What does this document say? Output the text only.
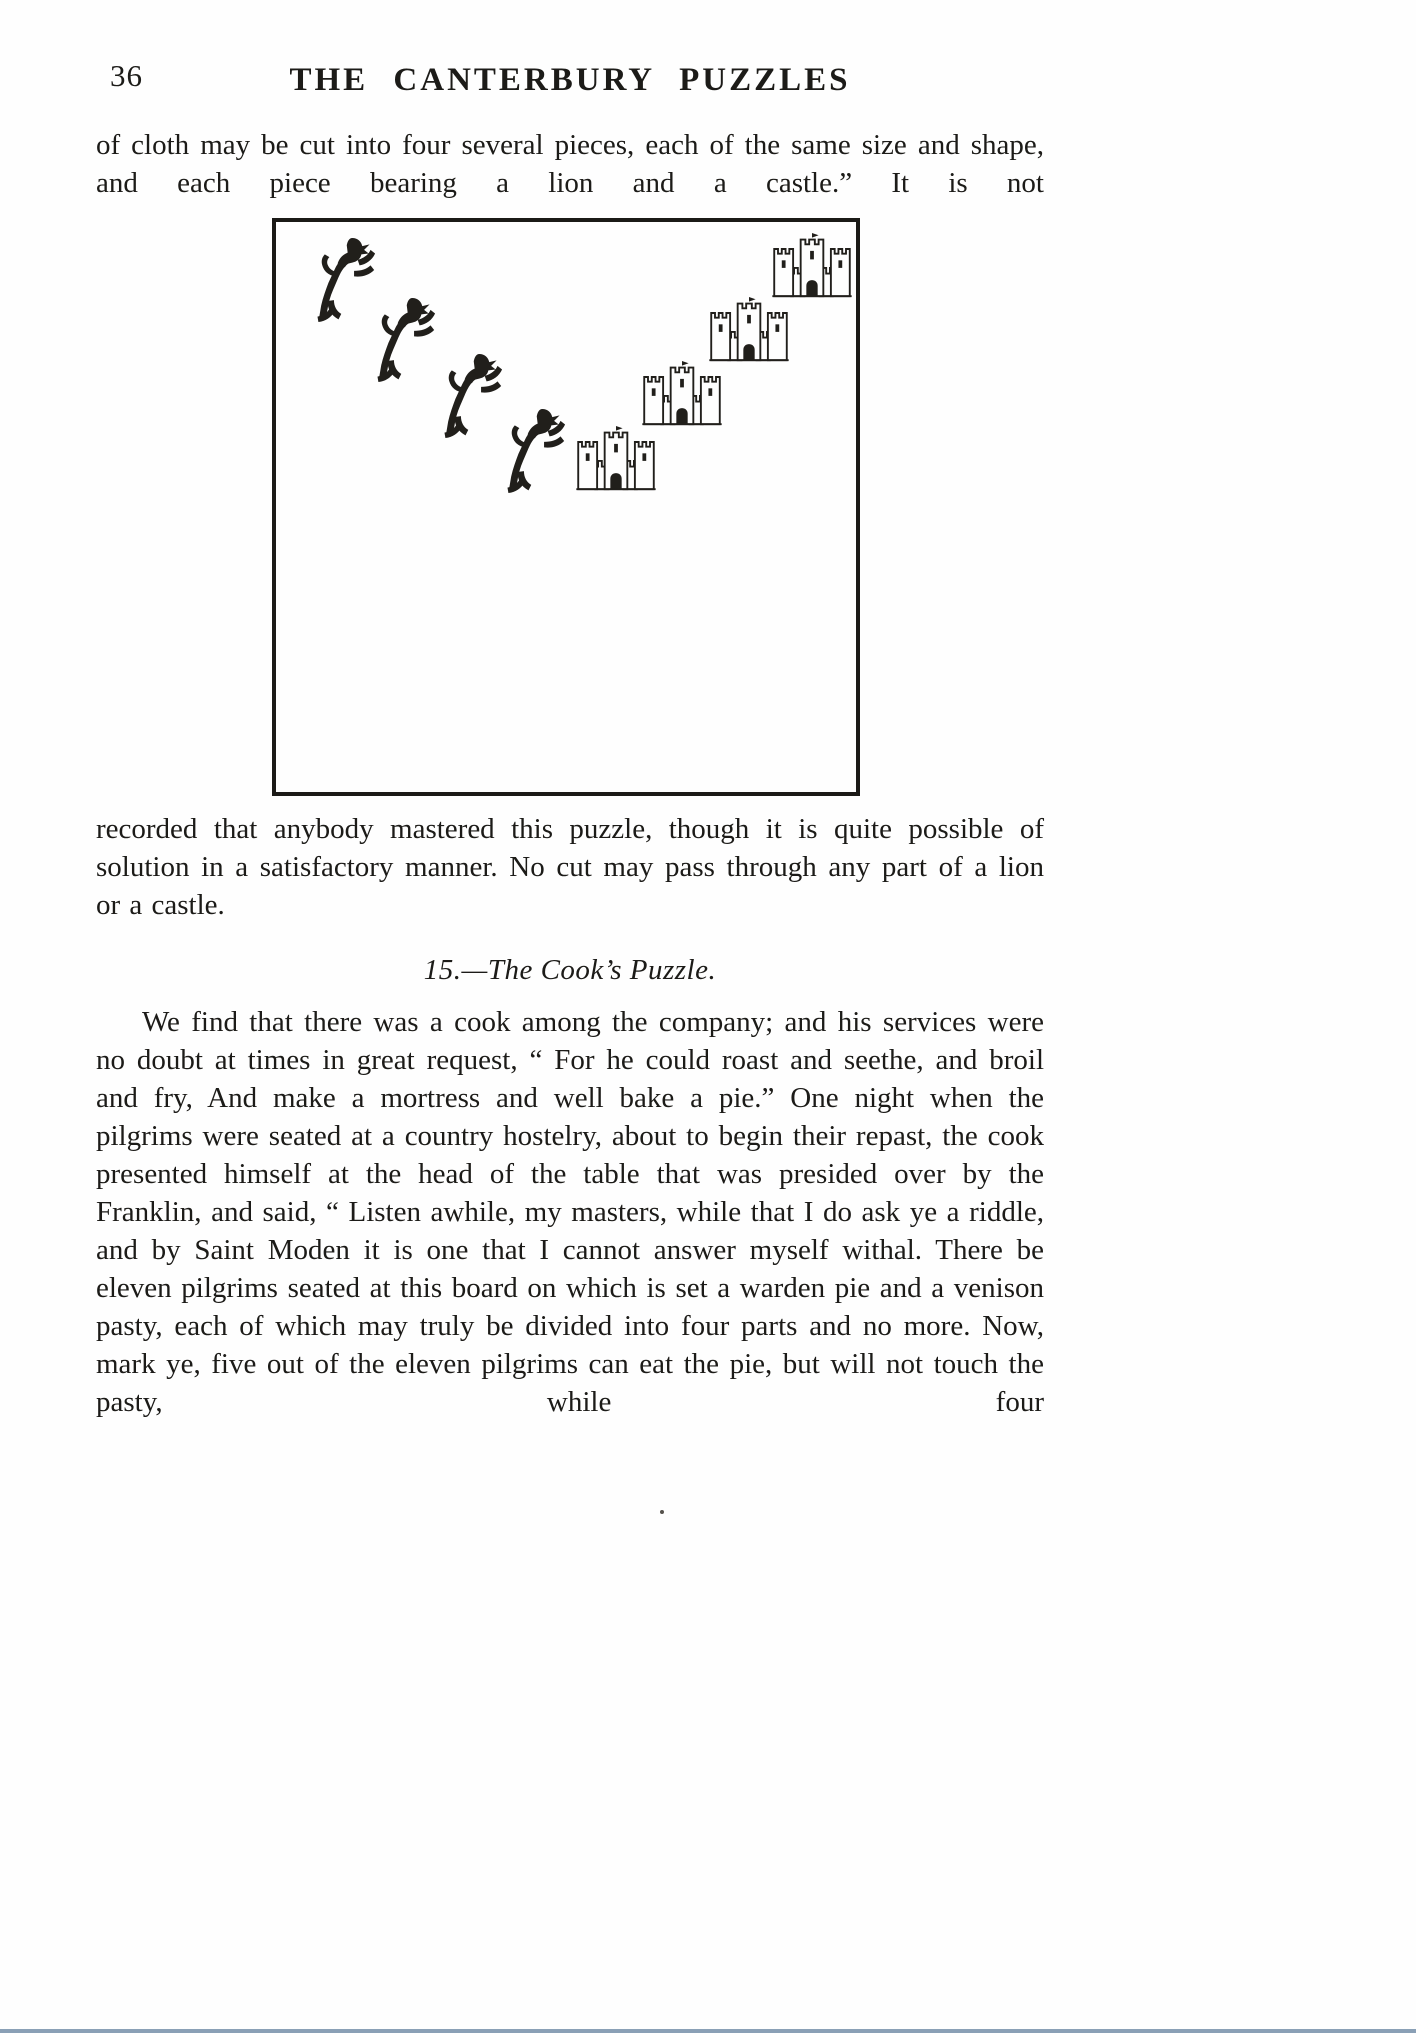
36	THE CANTERBURY PUZZLES

of cloth may be cut into four several pieces, each of the same size and shape, and each piece bearing a lion and a castle.” It is not

recorded that anybody mastered this puzzle, though it is quite possible of solution in a satisfactory manner. No cut may pass through any part of a lion or a castle.

15.—The Cook’s Puzzle.

We find that there was a cook among the company; and his services were no doubt at times in great request, “ For he could roast and seethe, and broil and fry, And make a mortress and well bake a pie.” One night when the pilgrims were seated at a country hostelry, about to begin their repast, the cook presented himself at the head of the table that was presided over by the Franklin, and said, “ Listen awhile, my masters, while that I do ask ye a riddle, and by Saint Moden it is one that I cannot answer myself withal. There be eleven pilgrims seated at this board on which is set a warden pie and a venison pasty, each of which may truly be divided into four parts and no more. Now, mark ye, five out of the eleven pilgrims can eat the pie, but will not touch the pasty, while four
